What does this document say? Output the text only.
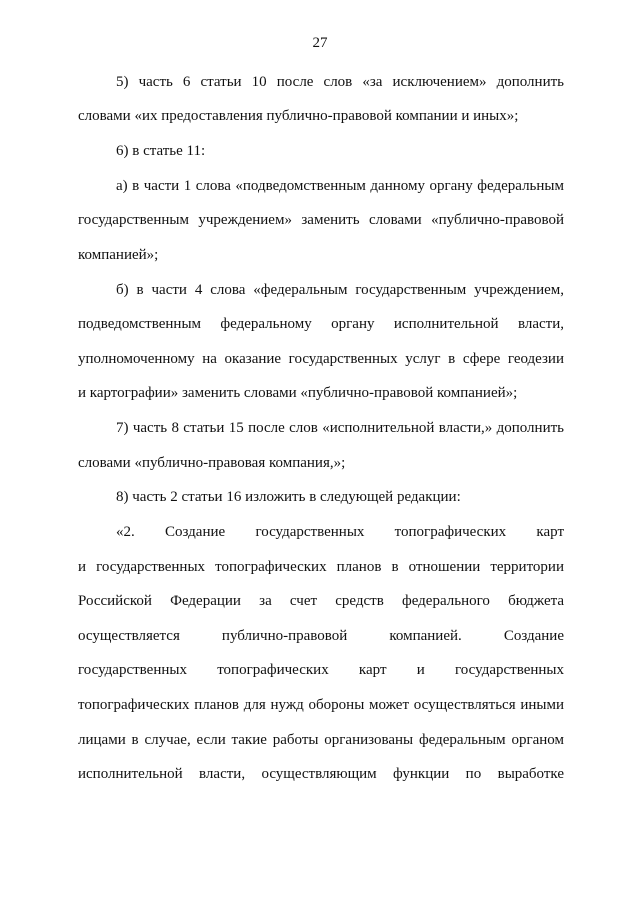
27
5) часть 6 статьи 10 после слов «за исключением» дополнить
словами «их предоставления публично-правовой компании и иных»;
6) в статье 11:
а) в части 1 слова «подведомственным данному органу федеральным
государственным учреждением» заменить словами «публично-правовой
компанией»;
б) в части 4 слова «федеральным государственным учреждением,
подведомственным федеральному органу исполнительной власти,
уполномоченному на оказание государственных услуг в сфере геодезии
и картографии» заменить словами «публично-правовой компанией»;
7) часть 8 статьи 15 после слов «исполнительной власти,» дополнить
словами «публично-правовая компания,»;
8) часть 2 статьи 16 изложить в следующей редакции:
«2. Создание государственных топографических карт
и государственных топографических планов в отношении территории
Российской Федерации за счет средств федерального бюджета
осуществляется публично-правовой компанией. Создание
государственных топографических карт и государственных
топографических планов для нужд обороны может осуществляться иными
лицами в случае, если такие работы организованы федеральным органом
исполнительной власти, осуществляющим функции по выработке
